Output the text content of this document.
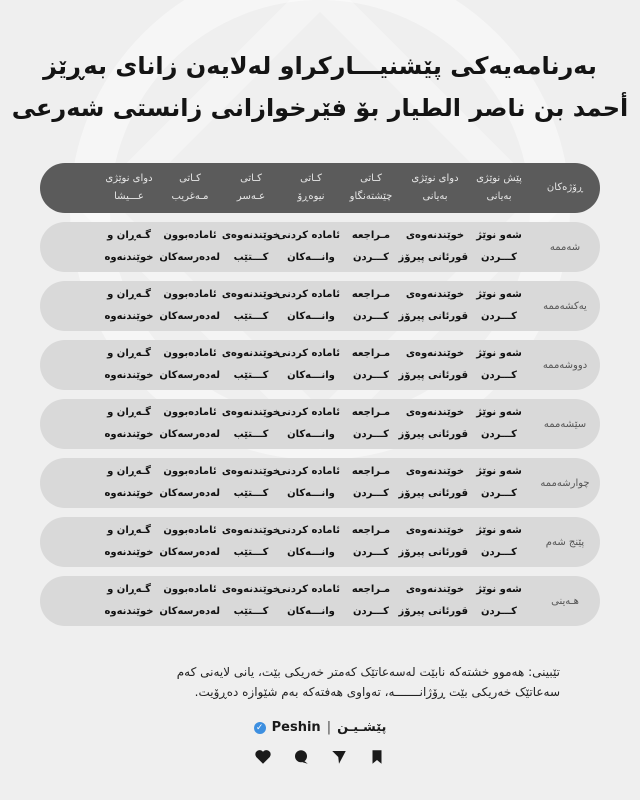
بەرنامەیەکی پێشنیـــارکراو لەلایەن زانای بەڕێز
أحمد بن ناصر الطیار بۆ فێرخوازانی زانستی شەرعی
ڕۆژەکان
پێش نوێژی
بەیانی
دوای نوێژی
بەیانی
کـاتی
چێشتەنگاو
کـاتی
نیوەڕۆ
کـاتی
عـەسر
کـاتی
مـەغریب
دوای نوێژی
عـــیشا
شەممە
شەو نوێژ
کـــردن
خوێندنەوەی
قورئانی پیرۆز
مـراجعە
کـــردن
ئامادە کردنی
وانـــەکان
خوێندنەوەی
کـــتێب
ئامادەبوون
لەدەرسەکان
گـەڕان و
خوێندنەوە
یەکشەممە
شەو نوێژ
کـــردن
خوێندنەوەی
قورئانی پیرۆز
مـراجعە
کـــردن
ئامادە کردنی
وانـــەکان
خوێندنەوەی
کـــتێب
ئامادەبوون
لەدەرسەکان
گـەڕان و
خوێندنەوە
دووشەممە
شەو نوێژ
کـــردن
خوێندنەوەی
قورئانی پیرۆز
مـراجعە
کـــردن
ئامادە کردنی
وانـــەکان
خوێندنەوەی
کـــتێب
ئامادەبوون
لەدەرسەکان
گـەڕان و
خوێندنەوە
سێشەممە
شەو نوێژ
کـــردن
خوێندنەوەی
قورئانی پیرۆز
مـراجعە
کـــردن
ئامادە کردنی
وانـــەکان
خوێندنەوەی
کـــتێب
ئامادەبوون
لەدەرسەکان
گـەڕان و
خوێندنەوە
چوارشەممە
شەو نوێژ
کـــردن
خوێندنەوەی
قورئانی پیرۆز
مـراجعە
کـــردن
ئامادە کردنی
وانـــەکان
خوێندنەوەی
کـــتێب
ئامادەبوون
لەدەرسەکان
گـەڕان و
خوێندنەوە
پێنج شەم
شەو نوێژ
کـــردن
خوێندنەوەی
قورئانی پیرۆز
مـراجعە
کـــردن
ئامادە کردنی
وانـــەکان
خوێندنەوەی
کـــتێب
ئامادەبوون
لەدەرسەکان
گـەڕان و
خوێندنەوە
هـەینی
شەو نوێژ
کـــردن
خوێندنەوەی
قورئانی پیرۆز
مـراجعە
کـــردن
ئامادە کردنی
وانـــەکان
خوێندنەوەی
کـــتێب
ئامادەبوون
لەدەرسەکان
گـەڕان و
خوێندنەوە
تێبینی: هەموو خشتەکە نابێت لەسەعاتێک کەمتر خەریکی بێت، یانی لایەنی کەم
سەعاتێک خەریکی بێت ڕۆژانـــــــە، تەواوی هەفتەکە بەم شێوازە دەڕۆیت.
پێشـیـن
|
Peshin
✓
